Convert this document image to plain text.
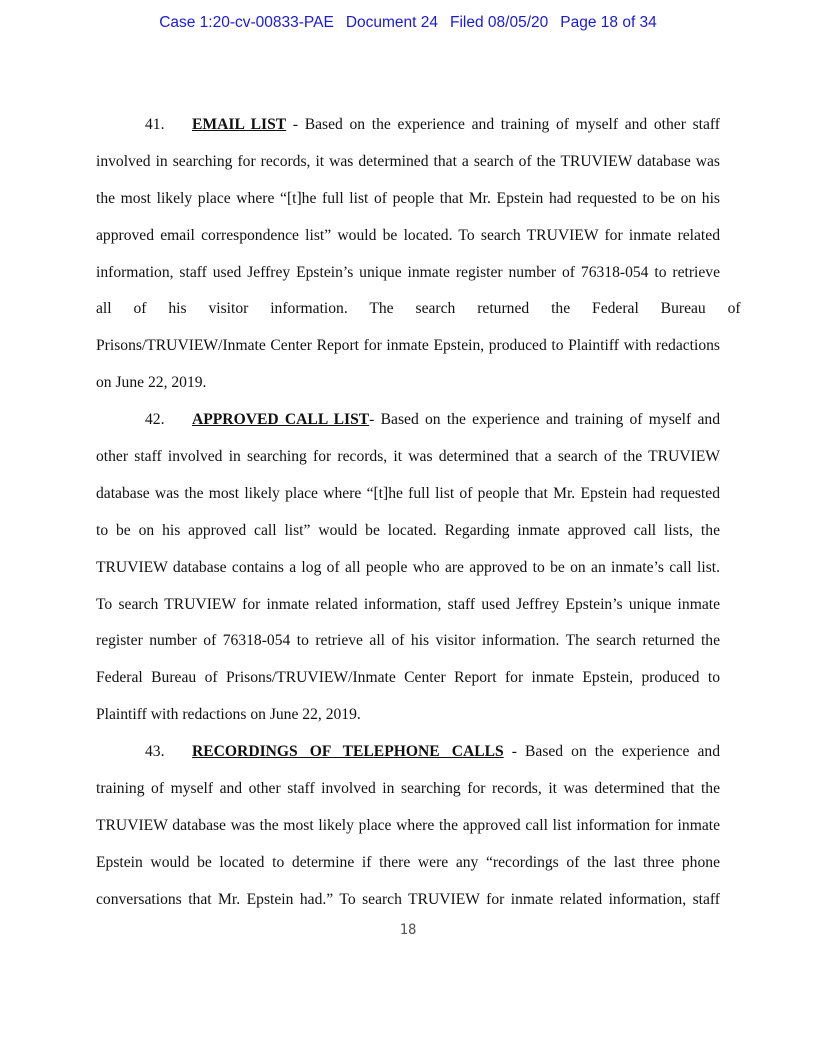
Case 1:20-cv-00833-PAE Document 24 Filed 08/05/20 Page 18 of 34
41. EMAIL LIST - Based on the experience and training of myself and other staff
involved in searching for records, it was determined that a search of the TRUVIEW database was
the most likely place where “[t]he full list of people that Mr. Epstein had requested to be on his
approved email correspondence list” would be located. To search TRUVIEW for inmate related
information, staff used Jeffrey Epstein’s unique inmate register number of 76318-054 to retrieve
all of his visitor information. The search returned the Federal Bureau of
Prisons/TRUVIEW/Inmate Center Report for inmate Epstein, produced to Plaintiff with redactions
on June 22, 2019.
42. APPROVED CALL LIST- Based on the experience and training of myself and
other staff involved in searching for records, it was determined that a search of the TRUVIEW
database was the most likely place where “[t]he full list of people that Mr. Epstein had requested
to be on his approved call list” would be located. Regarding inmate approved call lists, the
TRUVIEW database contains a log of all people who are approved to be on an inmate’s call list.
To search TRUVIEW for inmate related information, staff used Jeffrey Epstein’s unique inmate
register number of 76318-054 to retrieve all of his visitor information. The search returned the
Federal Bureau of Prisons/TRUVIEW/Inmate Center Report for inmate Epstein, produced to
Plaintiff with redactions on June 22, 2019.
43. RECORDINGS OF TELEPHONE CALLS - Based on the experience and
training of myself and other staff involved in searching for records, it was determined that the
TRUVIEW database was the most likely place where the approved call list information for inmate
Epstein would be located to determine if there were any “recordings of the last three phone
conversations that Mr. Epstein had.” To search TRUVIEW for inmate related information, staff
18
